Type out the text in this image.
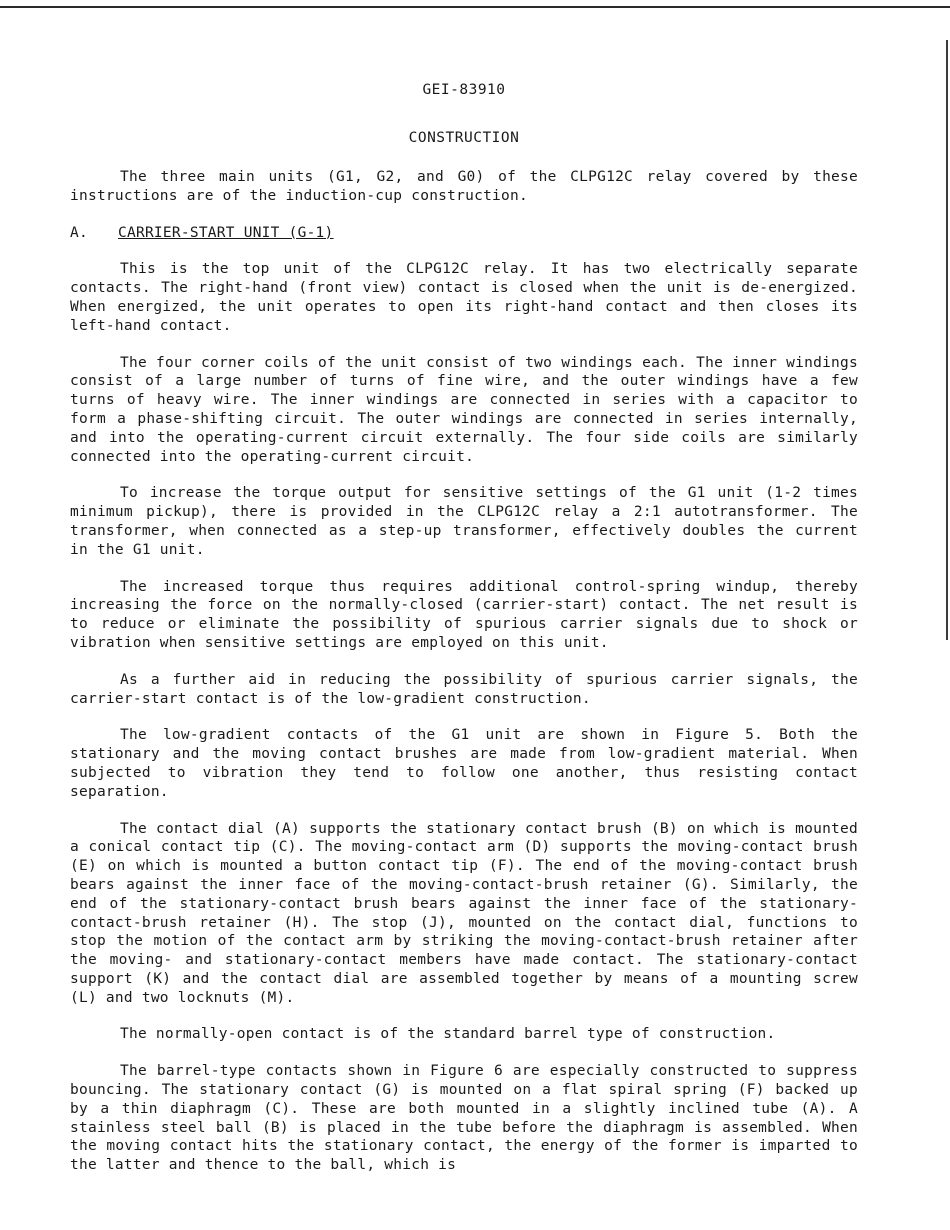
GEI-83910
CONSTRUCTION

The three main units (G1, G2, and G0) of the CLPG12C relay covered by these instructions are of the induction-cup construction.

A. CARRIER-START UNIT (G-1)

This is the top unit of the CLPG12C relay. It has two electrically separate contacts. The right-hand (front view) contact is closed when the unit is de-energized. When energized, the unit operates to open its right-hand contact and then closes its left-hand contact.

The four corner coils of the unit consist of two windings each. The inner windings consist of a large number of turns of fine wire, and the outer windings have a few turns of heavy wire. The inner windings are connected in series with a capacitor to form a phase-shifting circuit. The outer windings are connected in series internally, and into the operating-current circuit externally. The four side coils are similarly connected into the operating-current circuit.

To increase the torque output for sensitive settings of the G1 unit (1-2 times minimum pickup), there is provided in the CLPG12C relay a 2:1 autotransformer. The transformer, when connected as a step-up transformer, effectively doubles the current in the G1 unit.

The increased torque thus requires additional control-spring windup, thereby increasing the force on the normally-closed (carrier-start) contact. The net result is to reduce or eliminate the possibility of spurious carrier signals due to shock or vibration when sensitive settings are employed on this unit.

As a further aid in reducing the possibility of spurious carrier signals, the carrier-start contact is of the low-gradient construction.

The low-gradient contacts of the G1 unit are shown in Figure 5. Both the stationary and the moving contact brushes are made from low-gradient material. When subjected to vibration they tend to follow one another, thus resisting contact separation.

The contact dial (A) supports the stationary contact brush (B) on which is mounted a conical contact tip (C). The moving-contact arm (D) supports the moving-contact brush (E) on which is mounted a button contact tip (F). The end of the moving-contact brush bears against the inner face of the moving-contact-brush retainer (G). Similarly, the end of the stationary-contact brush bears against the inner face of the stationary-contact-brush retainer (H). The stop (J), mounted on the contact dial, functions to stop the motion of the contact arm by striking the moving-contact-brush retainer after the moving- and stationary-contact members have made contact. The stationary-contact support (K) and the contact dial are assembled together by means of a mounting screw (L) and two locknuts (M).

The normally-open contact is of the standard barrel type of construction.

The barrel-type contacts shown in Figure 6 are especially constructed to suppress bouncing. The stationary contact (G) is mounted on a flat spiral spring (F) backed up by a thin diaphragm (C). These are both mounted in a slightly inclined tube (A). A stainless steel ball (B) is placed in the tube before the diaphragm is assembled. When the moving contact hits the stationary contact, the energy of the former is imparted to the latter and thence to the ball, which is
